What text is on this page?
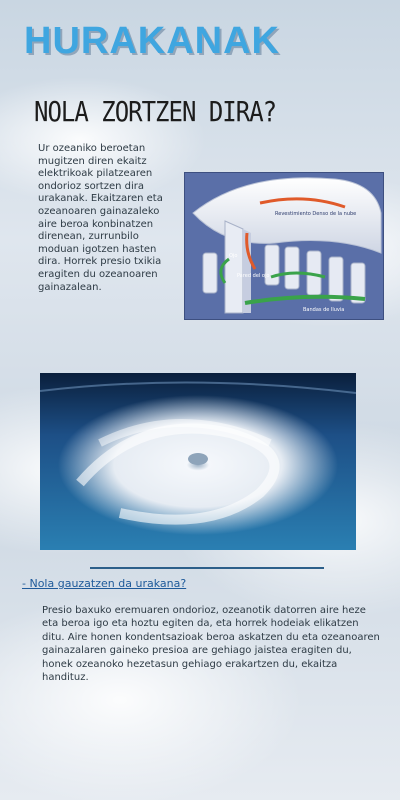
HURAKANAK
NOLA ZORTZEN DIRA?
Ur ozeaniko beroetan mugitzen diren ekaitz elektrikoak pilatzearen ondorioz sortzen dira urakanak. Ekaitzaren eta ozeanoaren gainazaleko aire beroa konbinatzen direnean, zurrunbilo moduan igotzen hasten dira. Horrek presio txikia eragiten du ozeanoaren gainazalean.
Revestimiento Denso de la nube
Ojo
Pared del ojo
Bandas de lluvia
- Nola gauzatzen da urakana?
Presio baxuko eremuaren ondorioz, ozeanotik datorren aire heze eta beroa igo eta hoztu egiten da, eta horrek hodeiak elikatzen ditu. Aire honen kondentsazioak beroa askatzen du eta ozeanoaren gainazalaren gaineko presioa are gehiago jaistea eragiten du, honek ozeanoko hezetasun gehiago erakartzen du, ekaitza handituz.
